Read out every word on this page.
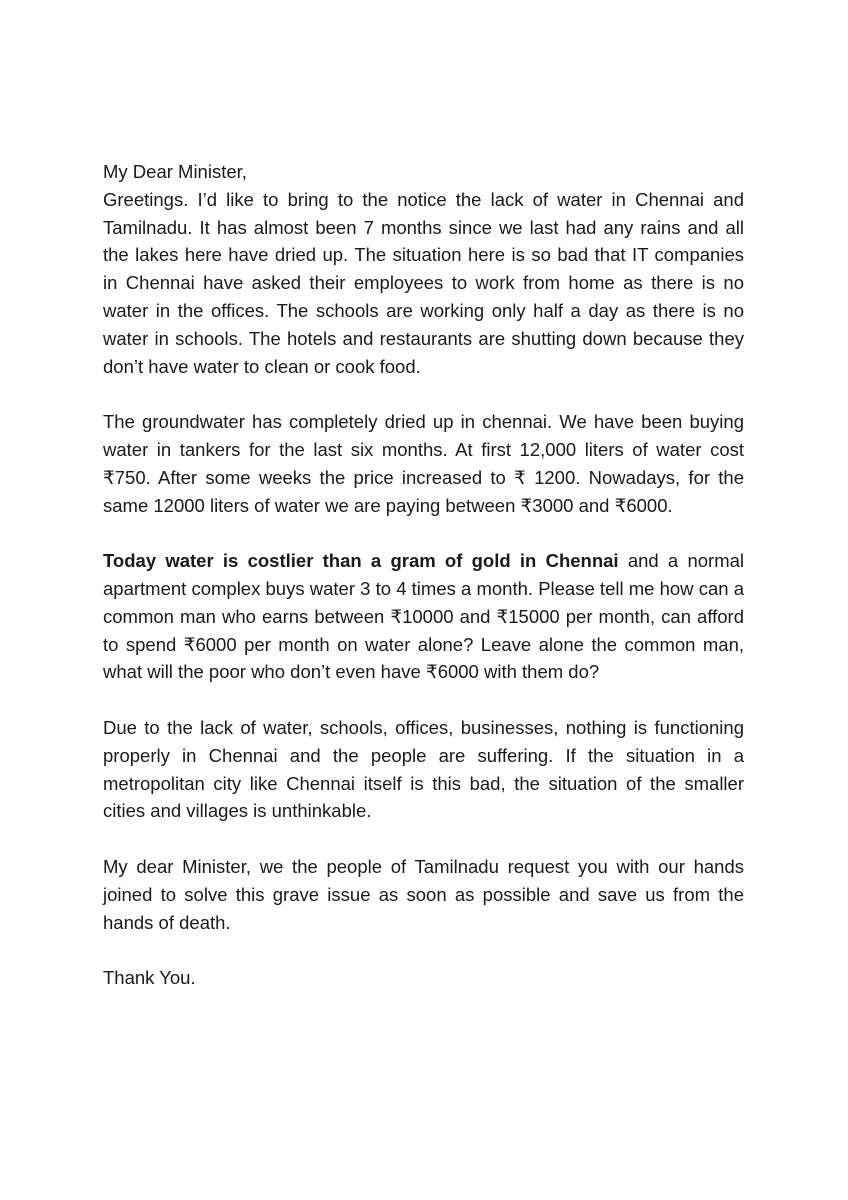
My Dear Minister,
Greetings. I’d like to bring to the notice the lack of water in Chennai and Tamilnadu. It has almost been 7 months since we last had any rains and all the lakes here have dried up. The situation here is so bad that IT companies in Chennai have asked their employees to work from home as there is no water in the offices. The schools are working only half a day as there is no water in schools. The hotels and restaurants are shutting down because they don’t have water to clean or cook food.

The groundwater has completely dried up in chennai. We have been buying water in tankers for the last six months. At first 12,000 liters of water cost ₹750. After some weeks the price increased to ₹ 1200. Nowadays, for the same 12000 liters of water we are paying between ₹3000 and ₹6000.

Today water is costlier than a gram of gold in Chennai and a normal apartment complex buys water 3 to 4 times a month. Please tell me how can a common man who earns between ₹10000 and ₹15000 per month, can afford to spend ₹6000 per month on water alone? Leave alone the common man, what will the poor who don’t even have ₹6000 with them do?

Due to the lack of water, schools, offices, businesses, nothing is functioning properly in Chennai and the people are suffering. If the situation in a metropolitan city like Chennai itself is this bad, the situation of the smaller cities and villages is unthinkable.

My dear Minister, we the people of Tamilnadu request you with our hands joined to solve this grave issue as soon as possible and save us from the hands of death.

Thank You.
